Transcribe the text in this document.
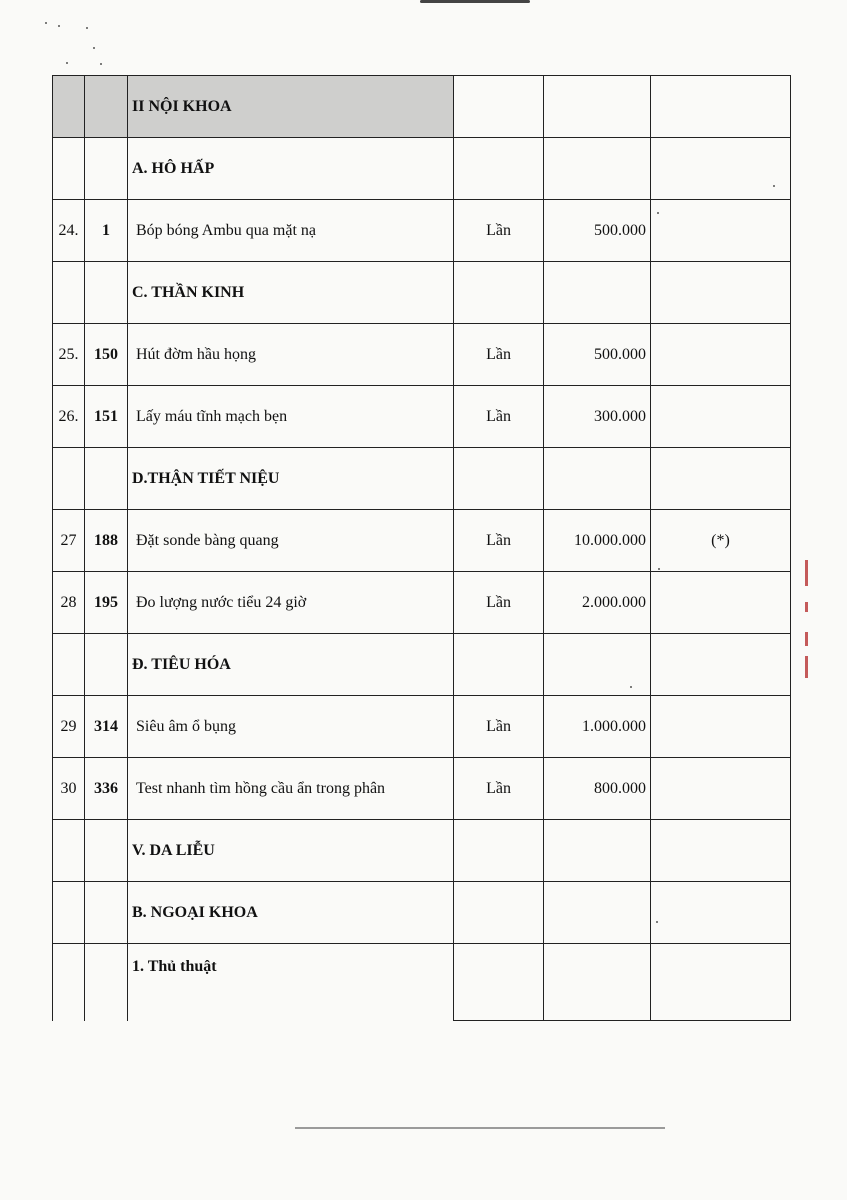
		II NỘI KHOA			
		A. HÔ HẤP			
24.	1	Bóp bóng Ambu qua mặt nạ	Lần	500.000	
		C. THẦN KINH			
25.	150	Hút đờm hầu họng	Lần	500.000	
26.	151	Lấy máu tĩnh mạch bẹn	Lần	300.000	
		D.THẬN TIẾT NIỆU			
27	188	Đặt sonde bàng quang	Lần	10.000.000	(*)
28	195	Đo lượng nước tiểu 24 giờ	Lần	2.000.000	
		Đ. TIÊU HÓA			
29	314	Siêu âm ổ bụng	Lần	1.000.000	
30	336	Test nhanh tìm hồng cầu ẩn trong phân	Lần	800.000	
		V. DA LIỄU			
		B. NGOẠI KHOA			
		1. Thủ thuật			
